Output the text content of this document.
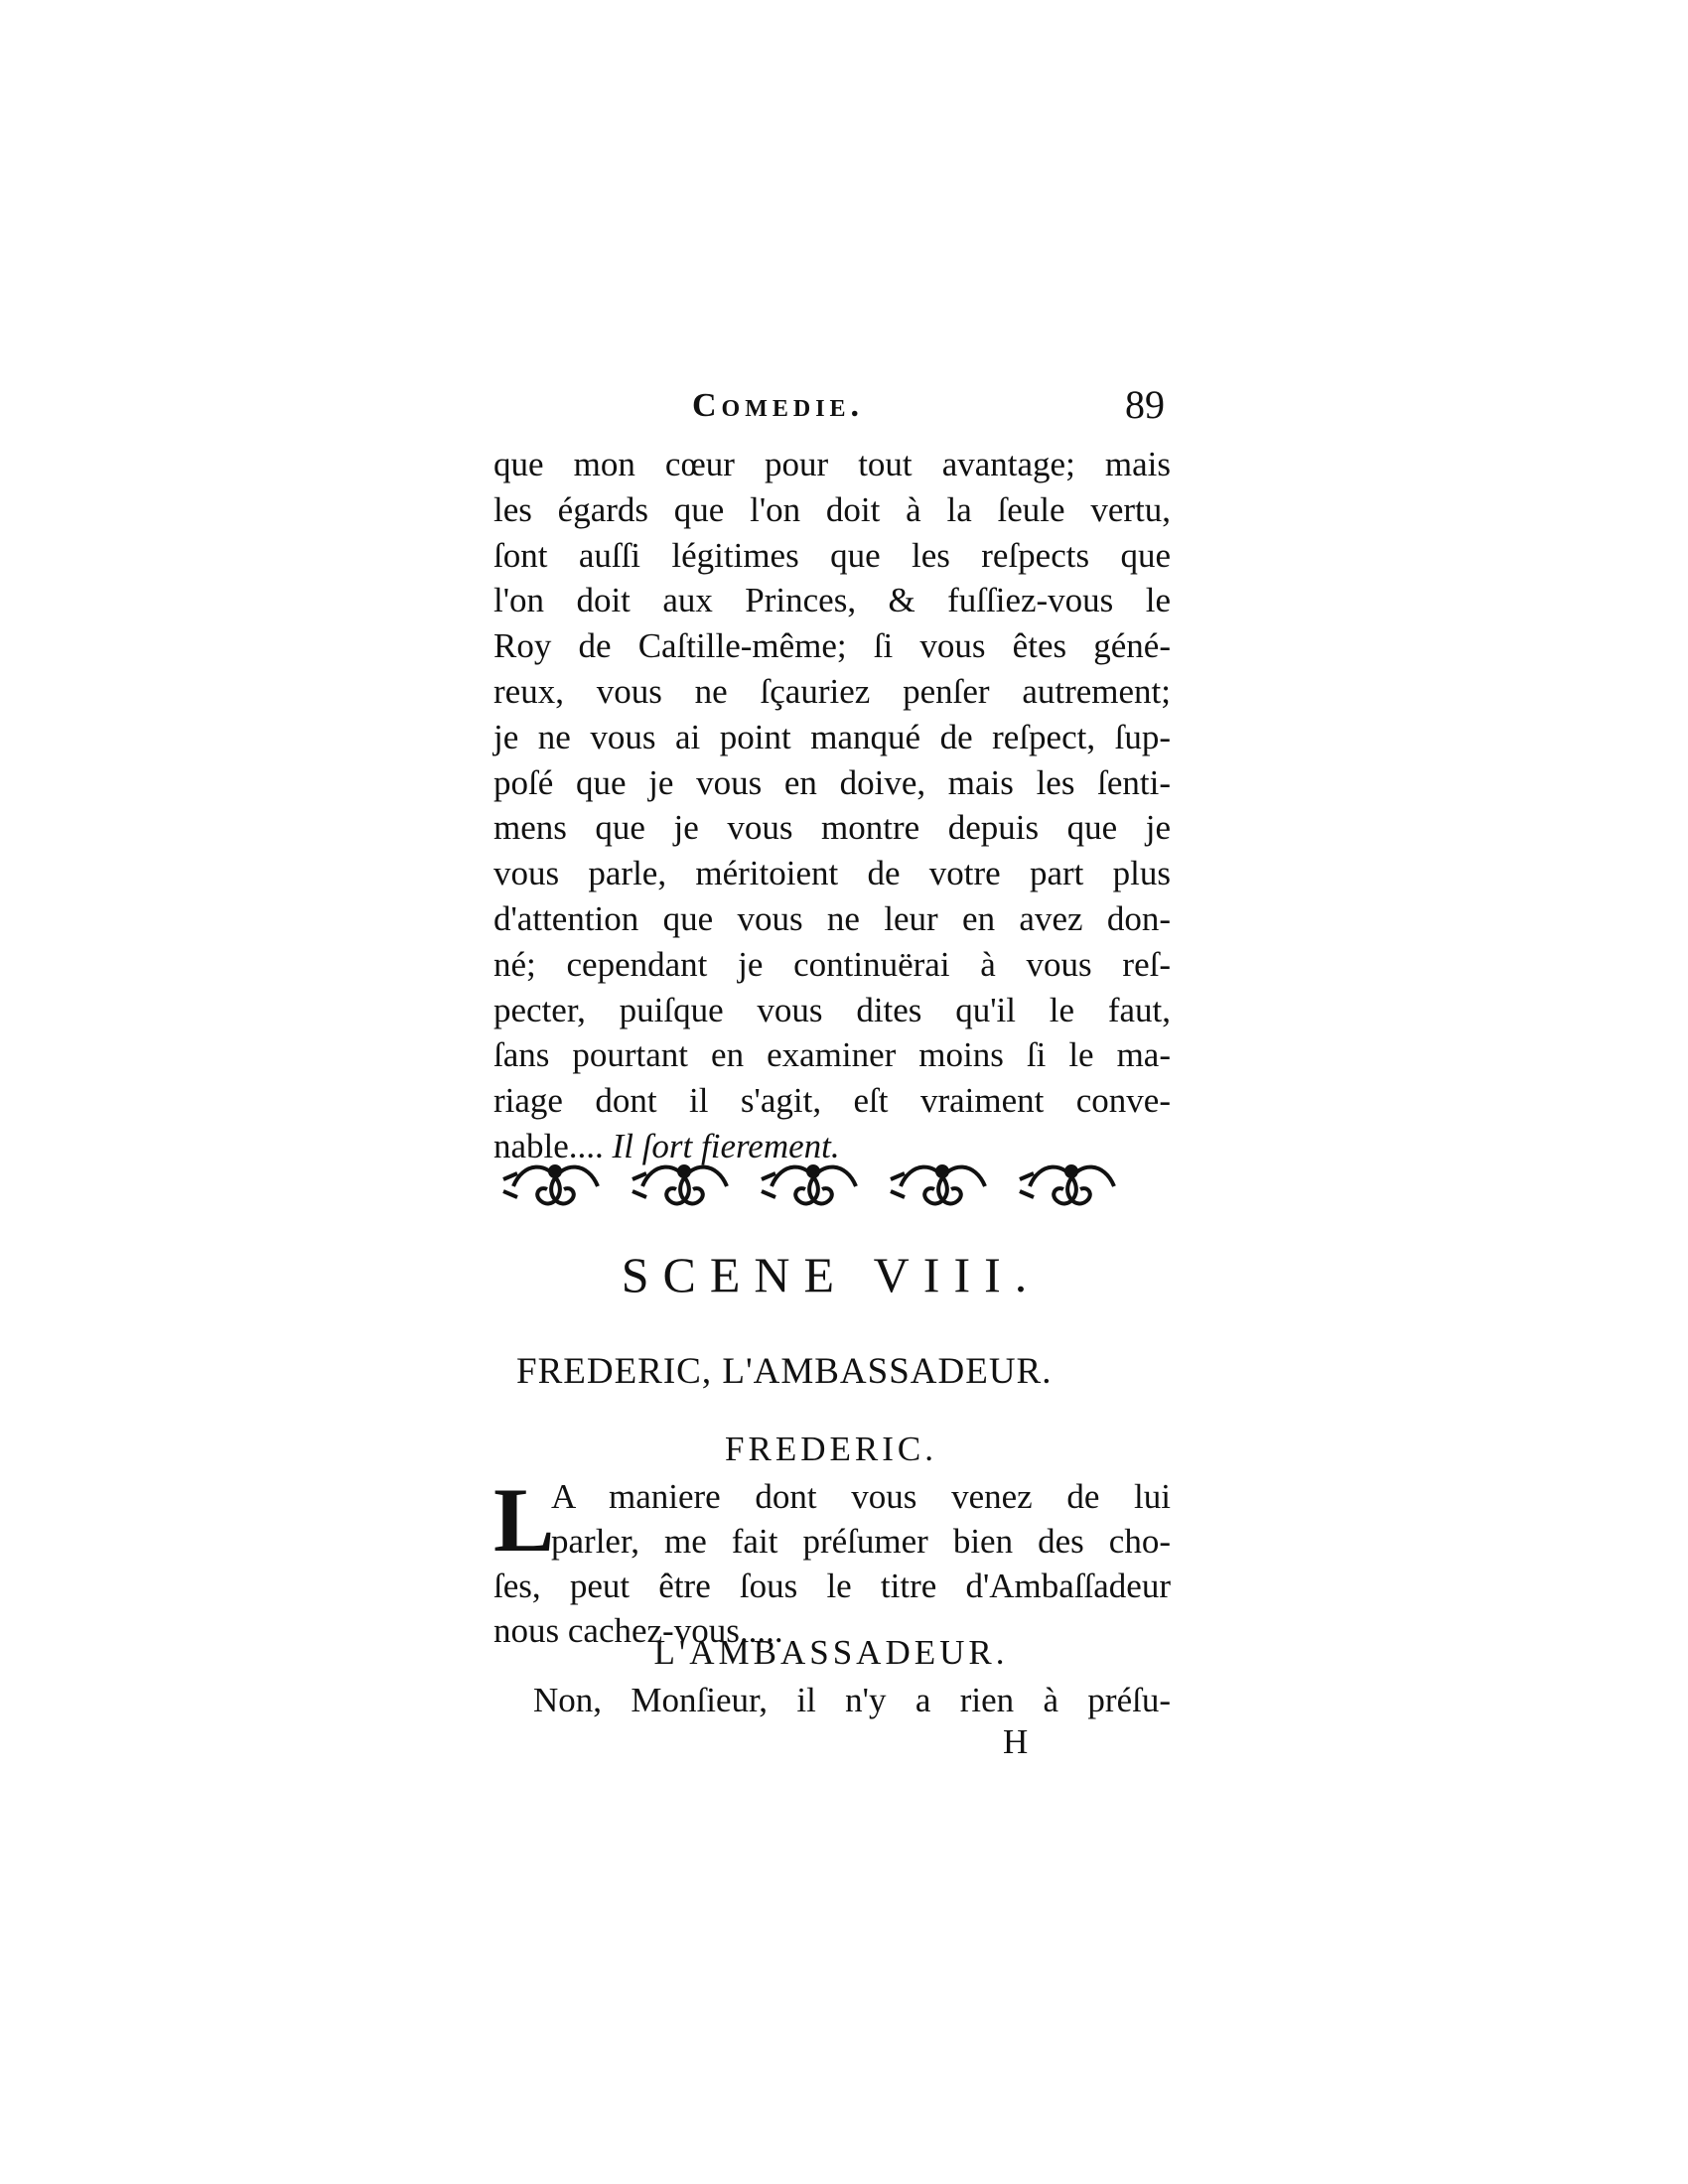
Comedie.	89
que mon cœur pour tout avantage; mais
les égards que l'on doit à la ſeule vertu,
ſont auſſi légitimes que les reſpects que
l'on doit aux Princes, & fuſſiez-vous le
Roy de Caſtille-même; ſi vous êtes géné-
reux, vous ne ſçauriez penſer autrement;
je ne vous ai point manqué de reſpect, ſup-
poſé que je vous en doive, mais les ſenti-
mens que je vous montre depuis que je
vous parle, méritoient de votre part plus
d'attention que vous ne leur en avez don-
né; cependant je continuërai à vous reſ-
pecter, puiſque vous dites qu'il le faut,
ſans pourtant en examiner moins ſi le ma-
riage dont il s'agit, eſt vraiment conve-
nable.... Il ſort fierement.
SCENE VIII.
FREDERIC, L'AMBASSADEUR.
FREDERIC.
L
A maniere dont vous venez de lui
parler, me fait préſumer bien des cho-
ſes, peut être ſous le titre d'Ambaſſadeur
nous cachez-vous.....
L'AMBASSADEUR.
Non, Monſieur, il n'y a rien à préſu-
H
